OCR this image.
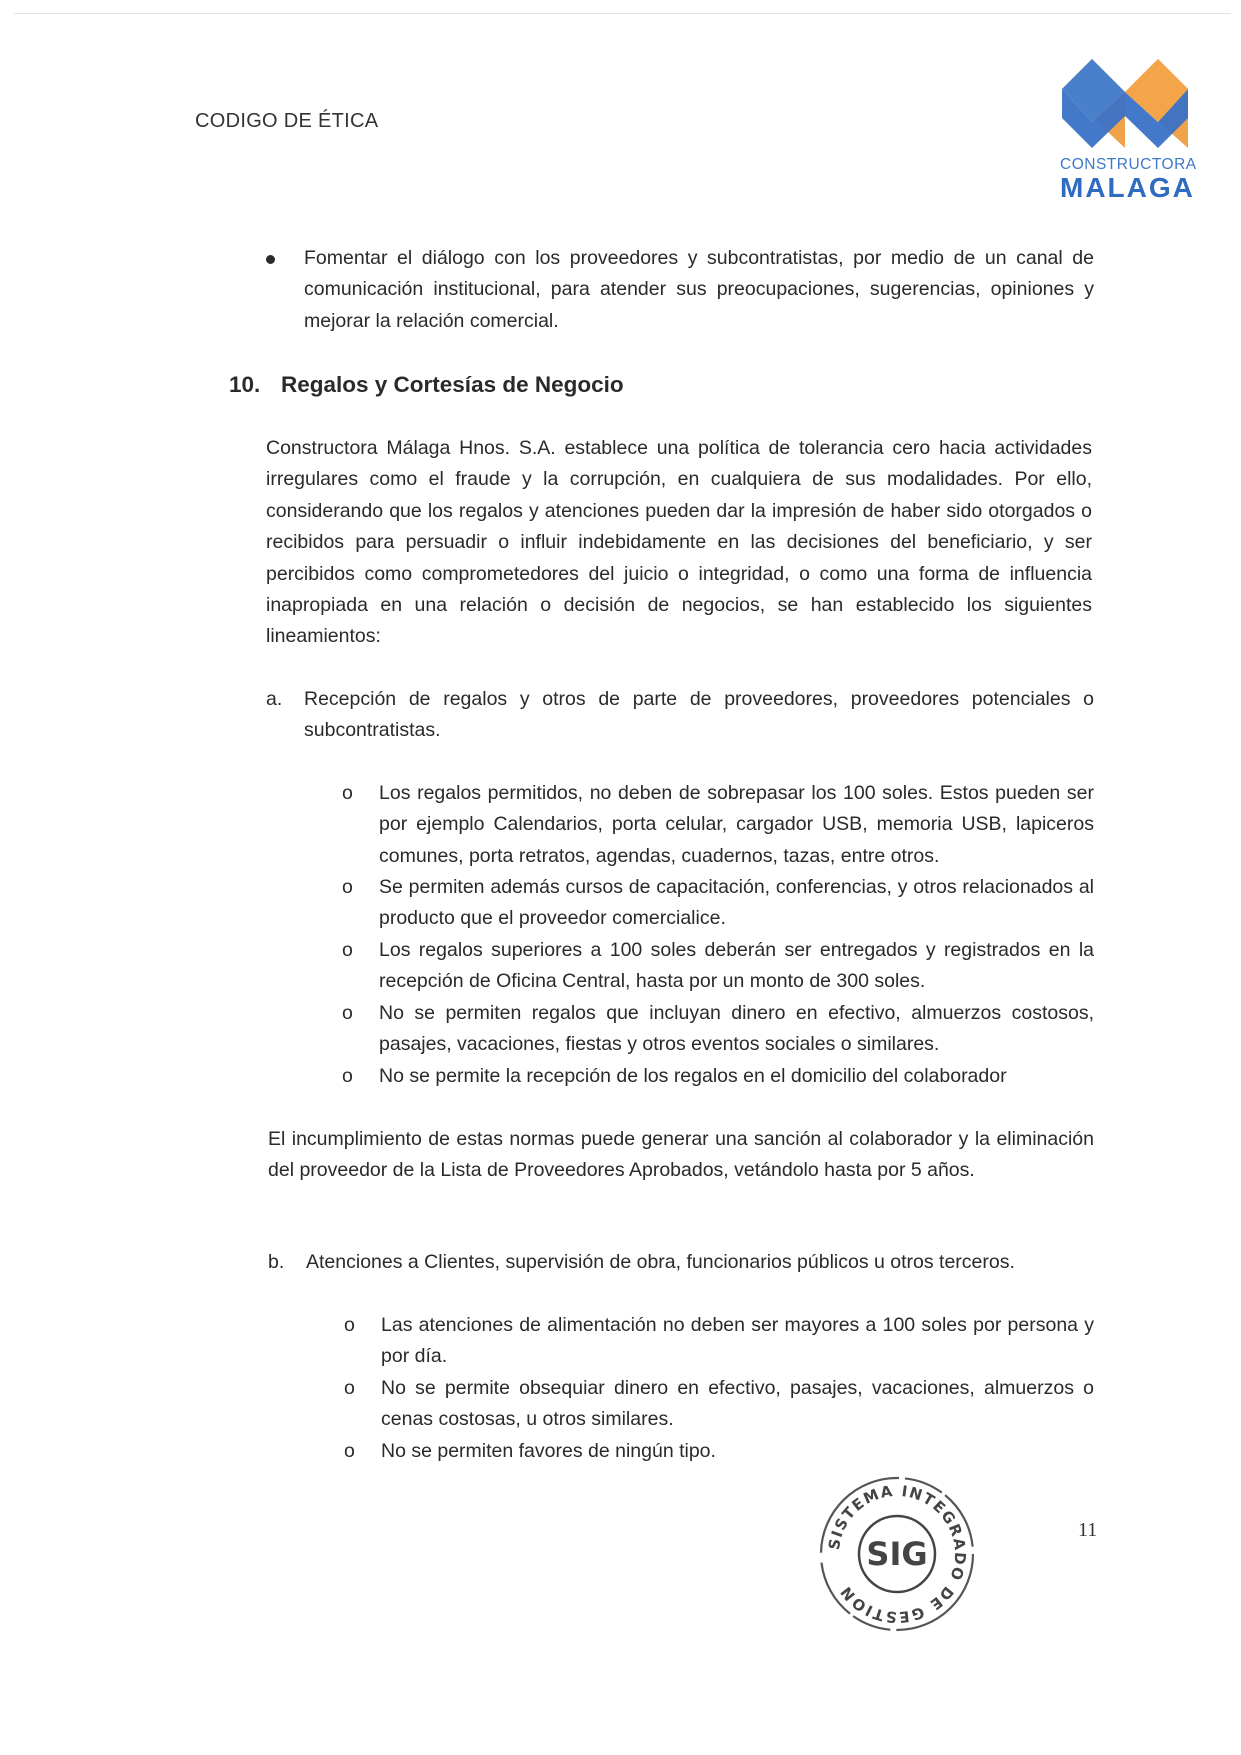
CODIGO DE ÉTICA
CONSTRUCTORA
MALAGA
Fomentar el diálogo con los proveedores y subcontratistas, por medio de un canal de comunicación institucional, para atender sus preocupaciones, sugerencias, opiniones y mejorar la relación comercial.
10. Regalos y Cortesías de Negocio
Constructora Málaga Hnos. S.A. establece una política de tolerancia cero hacia actividades irregulares como el fraude y la corrupción, en cualquiera de sus modalidades. Por ello, considerando que los regalos y atenciones pueden dar la impresión de haber sido otorgados o recibidos para persuadir o influir indebidamente en las decisiones del beneficiario, y ser percibidos como comprometedores del juicio o integridad, o como una forma de influencia inapropiada en una relación o decisión de negocios, se han establecido los siguientes lineamientos:
a. Recepción de regalos y otros de parte de proveedores, proveedores potenciales o subcontratistas.
o Los regalos permitidos, no deben de sobrepasar los 100 soles. Estos pueden ser por ejemplo Calendarios, porta celular, cargador USB, memoria USB, lapiceros comunes, porta retratos, agendas, cuadernos, tazas, entre otros.
o Se permiten además cursos de capacitación, conferencias, y otros relacionados al producto que el proveedor comercialice.
o Los regalos superiores a 100 soles deberán ser entregados y registrados en la recepción de Oficina Central, hasta por un monto de 300 soles.
o No se permiten regalos que incluyan dinero en efectivo, almuerzos costosos, pasajes, vacaciones, fiestas y otros eventos sociales o similares.
o No se permite la recepción de los regalos en el domicilio del colaborador
El incumplimiento de estas normas puede generar una sanción al colaborador y la eliminación del proveedor de la Lista de Proveedores Aprobados, vetándolo hasta por 5 años.
b. Atenciones a Clientes, supervisión de obra, funcionarios públicos u otros terceros.
o Las atenciones de alimentación no deben ser mayores a 100 soles por persona y por día.
o No se permite obsequiar dinero en efectivo, pasajes, vacaciones, almuerzos o cenas costosas, u otros similares.
o No se permiten favores de ningún tipo.
SISTEMA INTEGRADO DE GESTION
SIG
11
